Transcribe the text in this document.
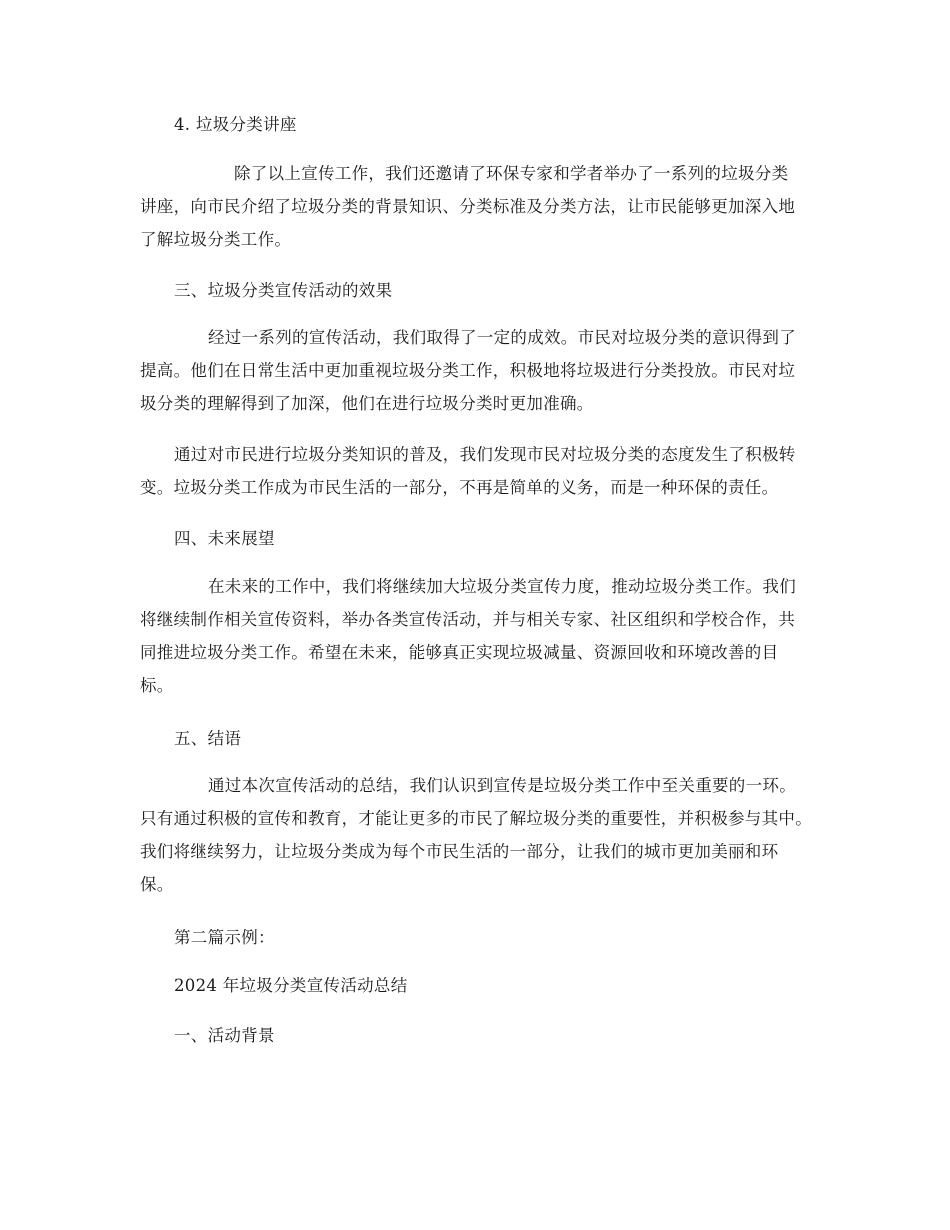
4. 垃圾分类讲座
除了以上宣传工作，我们还邀请了环保专家和学者举办了一系列的垃圾分类
讲座，向市民介绍了垃圾分类的背景知识、分类标准及分类方法，让市民能够更加深入地
了解垃圾分类工作。
三、垃圾分类宣传活动的效果
经过一系列的宣传活动，我们取得了一定的成效。市民对垃圾分类的意识得到了
提高。他们在日常生活中更加重视垃圾分类工作，积极地将垃圾进行分类投放。市民对垃
圾分类的理解得到了加深，他们在进行垃圾分类时更加准确。
通过对市民进行垃圾分类知识的普及，我们发现市民对垃圾分类的态度发生了积极转
变。垃圾分类工作成为市民生活的一部分，不再是简单的义务，而是一种环保的责任。
四、未来展望
在未来的工作中，我们将继续加大垃圾分类宣传力度，推动垃圾分类工作。我们
将继续制作相关宣传资料，举办各类宣传活动，并与相关专家、社区组织和学校合作，共
同推进垃圾分类工作。希望在未来，能够真正实现垃圾减量、资源回收和环境改善的目
标。
五、结语
通过本次宣传活动的总结，我们认识到宣传是垃圾分类工作中至关重要的一环。
只有通过积极的宣传和教育，才能让更多的市民了解垃圾分类的重要性，并积极参与其中。
我们将继续努力，让垃圾分类成为每个市民生活的一部分，让我们的城市更加美丽和环
保。
第二篇示例：
2024 年垃圾分类宣传活动总结
一、活动背景
